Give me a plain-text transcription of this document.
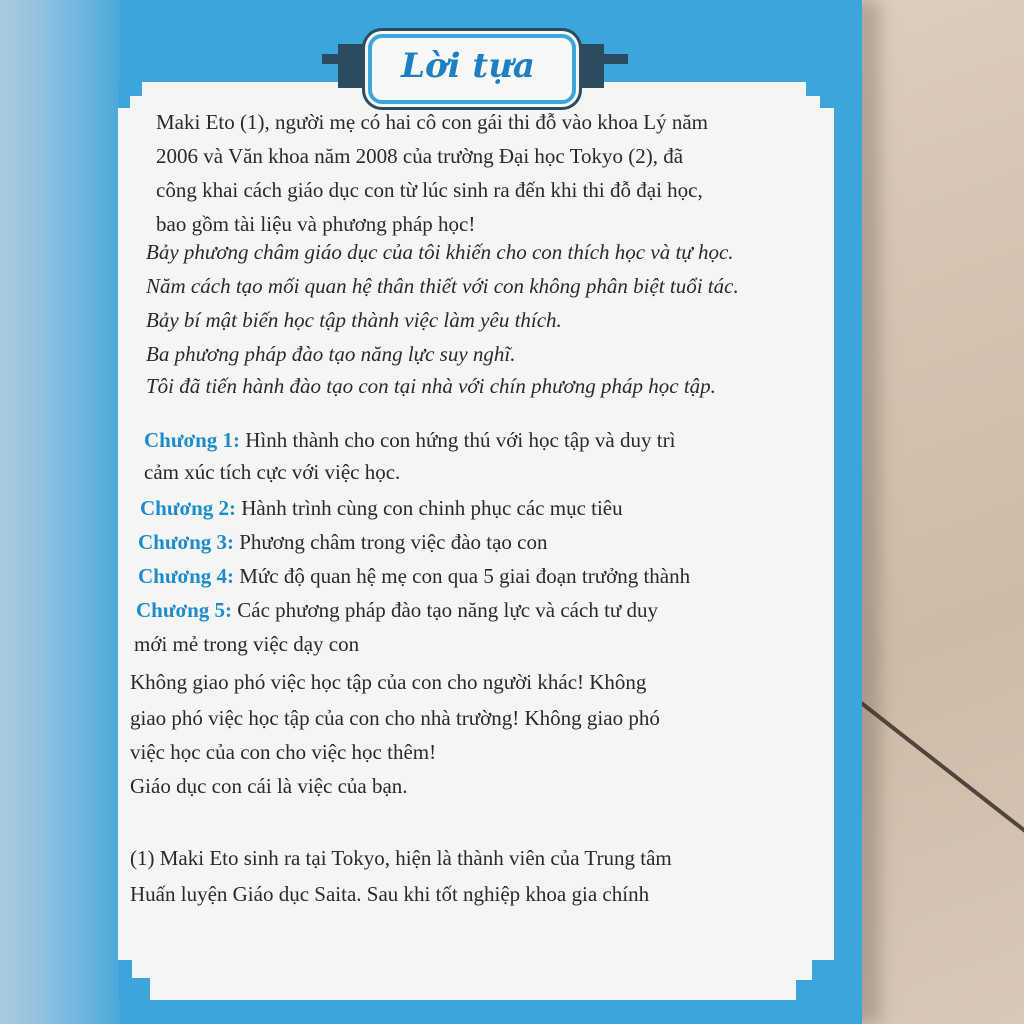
Lời tựa
Maki Eto (1), người mẹ có hai cô con gái thi đỗ vào khoa Lý năm
2006 và Văn khoa năm 2008 của trường Đại học Tokyo (2), đã
công khai cách giáo dục con từ lúc sinh ra đến khi thi đỗ đại học,
bao gồm tài liệu và phương pháp học!
Bảy phương châm giáo dục của tôi khiến cho con thích học và tự học.
Năm cách tạo mối quan hệ thân thiết với con không phân biệt tuổi tác.
Bảy bí mật biến học tập thành việc làm yêu thích.
Ba phương pháp đào tạo năng lực suy nghĩ.
Tôi đã tiến hành đào tạo con tại nhà với chín phương pháp học tập.
Chương 1: Hình thành cho con hứng thú với học tập và duy trì
cảm xúc tích cực với việc học.
Chương 2: Hành trình cùng con chinh phục các mục tiêu
Chương 3: Phương châm trong việc đào tạo con
Chương 4: Mức độ quan hệ mẹ con qua 5 giai đoạn trưởng thành
Chương 5: Các phương pháp đào tạo năng lực và cách tư duy
mới mẻ trong việc dạy con
Không giao phó việc học tập của con cho người khác! Không
giao phó việc học tập của con cho nhà trường! Không giao phó
việc học của con cho việc học thêm!
Giáo dục con cái là việc của bạn.
(1) Maki Eto sinh ra tại Tokyo, hiện là thành viên của Trung tâm
Huấn luyện Giáo dục Saita. Sau khi tốt nghiệp khoa gia chính
